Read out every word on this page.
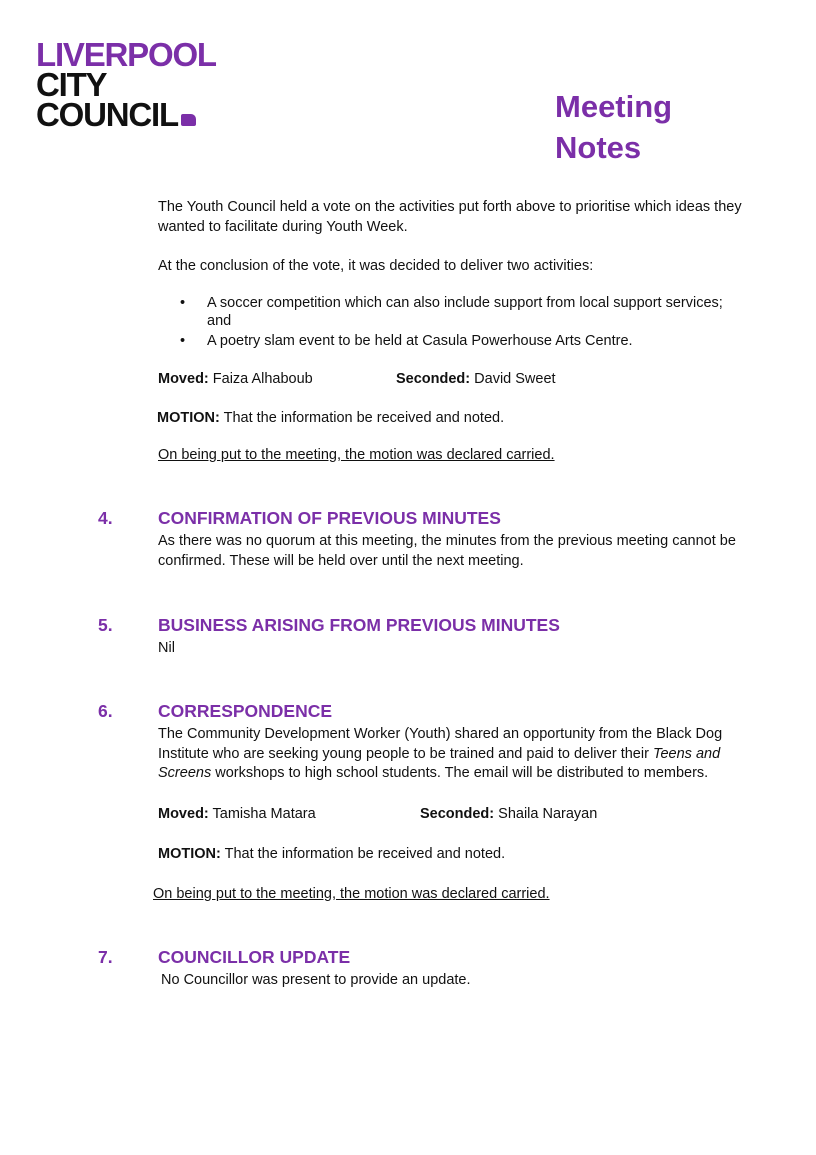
LIVERPOOL
CITY
COUNCIL	Meeting
Notes

The Youth Council held a vote on the activities put forth above to prioritise which ideas they wanted to facilitate during Youth Week.

At the conclusion of the vote, it was decided to deliver two activities:

• A soccer competition which can also include support from local support services; and
• A poetry slam event to be held at Casula Powerhouse Arts Centre.
Moved: Faiza Alhaboub	Seconded: David Sweet
MOTION: That the information be received and noted.
On being put to the meeting, the motion was declared carried.
4.	CONFIRMATION OF PREVIOUS MINUTES

As there was no quorum at this meeting, the minutes from the previous meeting cannot be confirmed. These will be held over until the next meeting.

5.	BUSINESS ARISING FROM PREVIOUS MINUTES

Nil

6.	CORRESPONDENCE

The Community Development Worker (Youth) shared an opportunity from the Black Dog Institute who are seeking young people to be trained and paid to deliver their Teens and Screens workshops to high school students. The email will be distributed to members.

Moved: Tamisha Matara	Seconded: Shaila Narayan
MOTION: That the information be received and noted.
On being put to the meeting, the motion was declared carried.
7.	COUNCILLOR UPDATE

No Councillor was present to provide an update.
